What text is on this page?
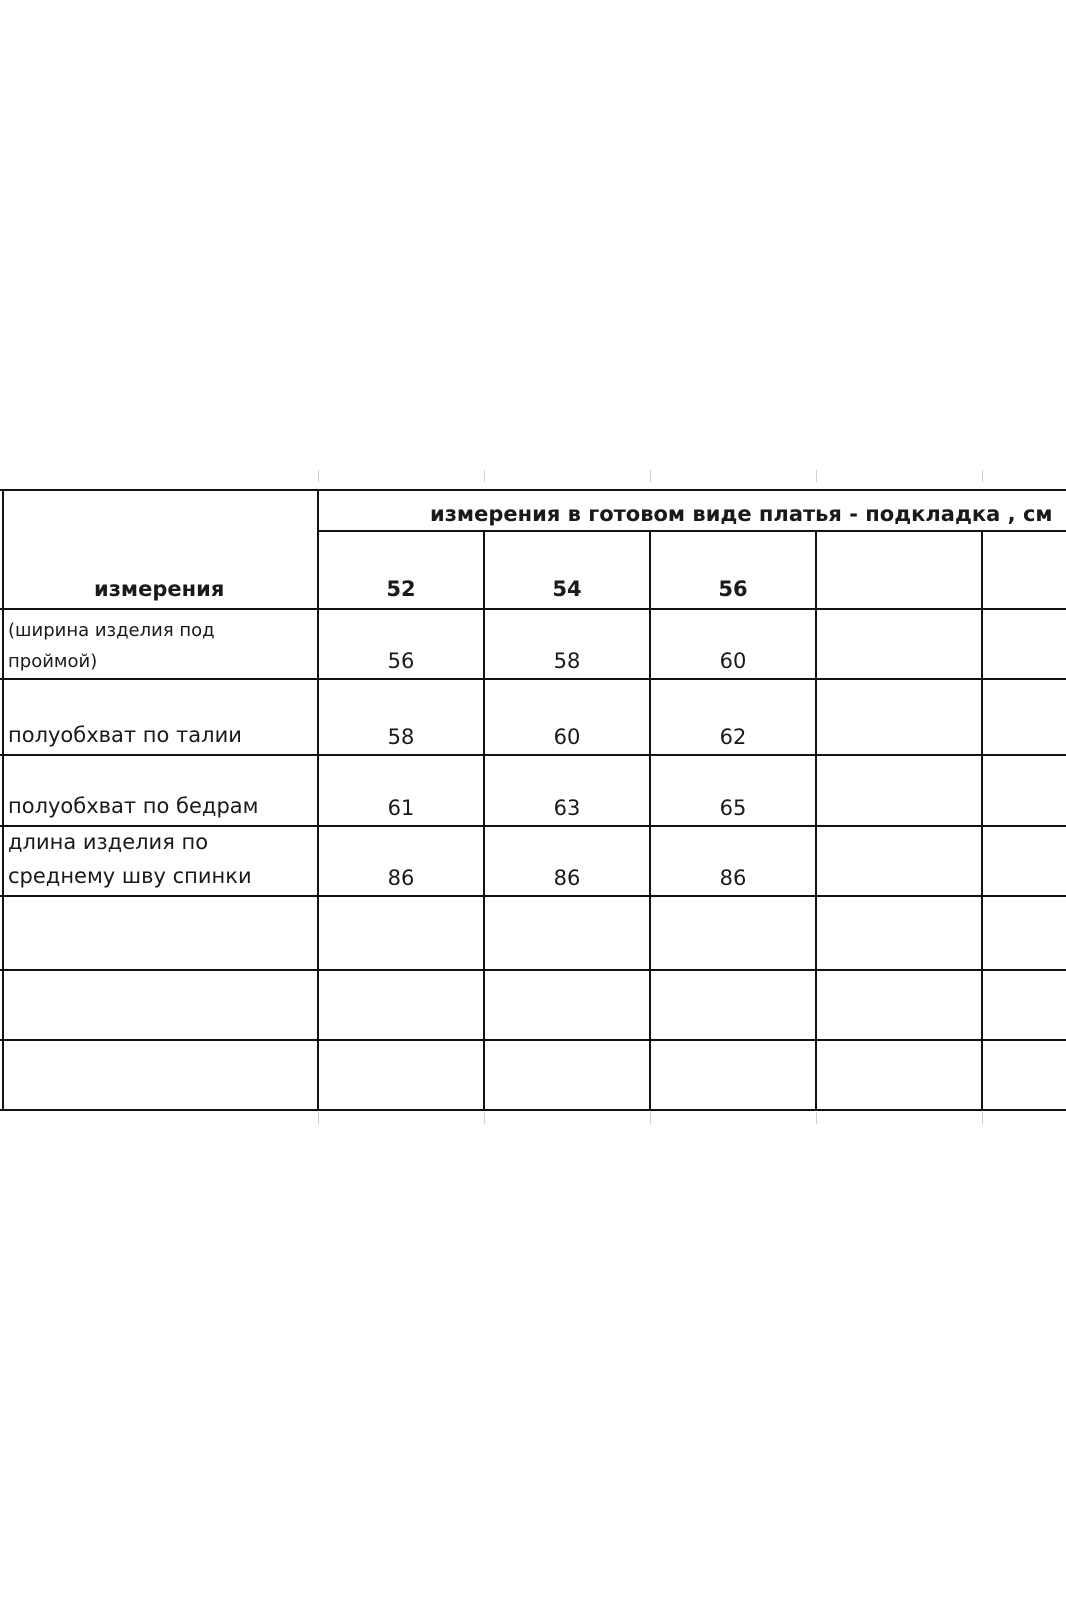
измерения в готовом виде платья - подкладка , см
измерения	52	54	56
(ширина изделия под
проймой)	56	58	60
полуобхват по талии	58	60	62
полуобхват по бедрам	61	63	65
длина изделия по
среднему шву спинки	86	86	86
